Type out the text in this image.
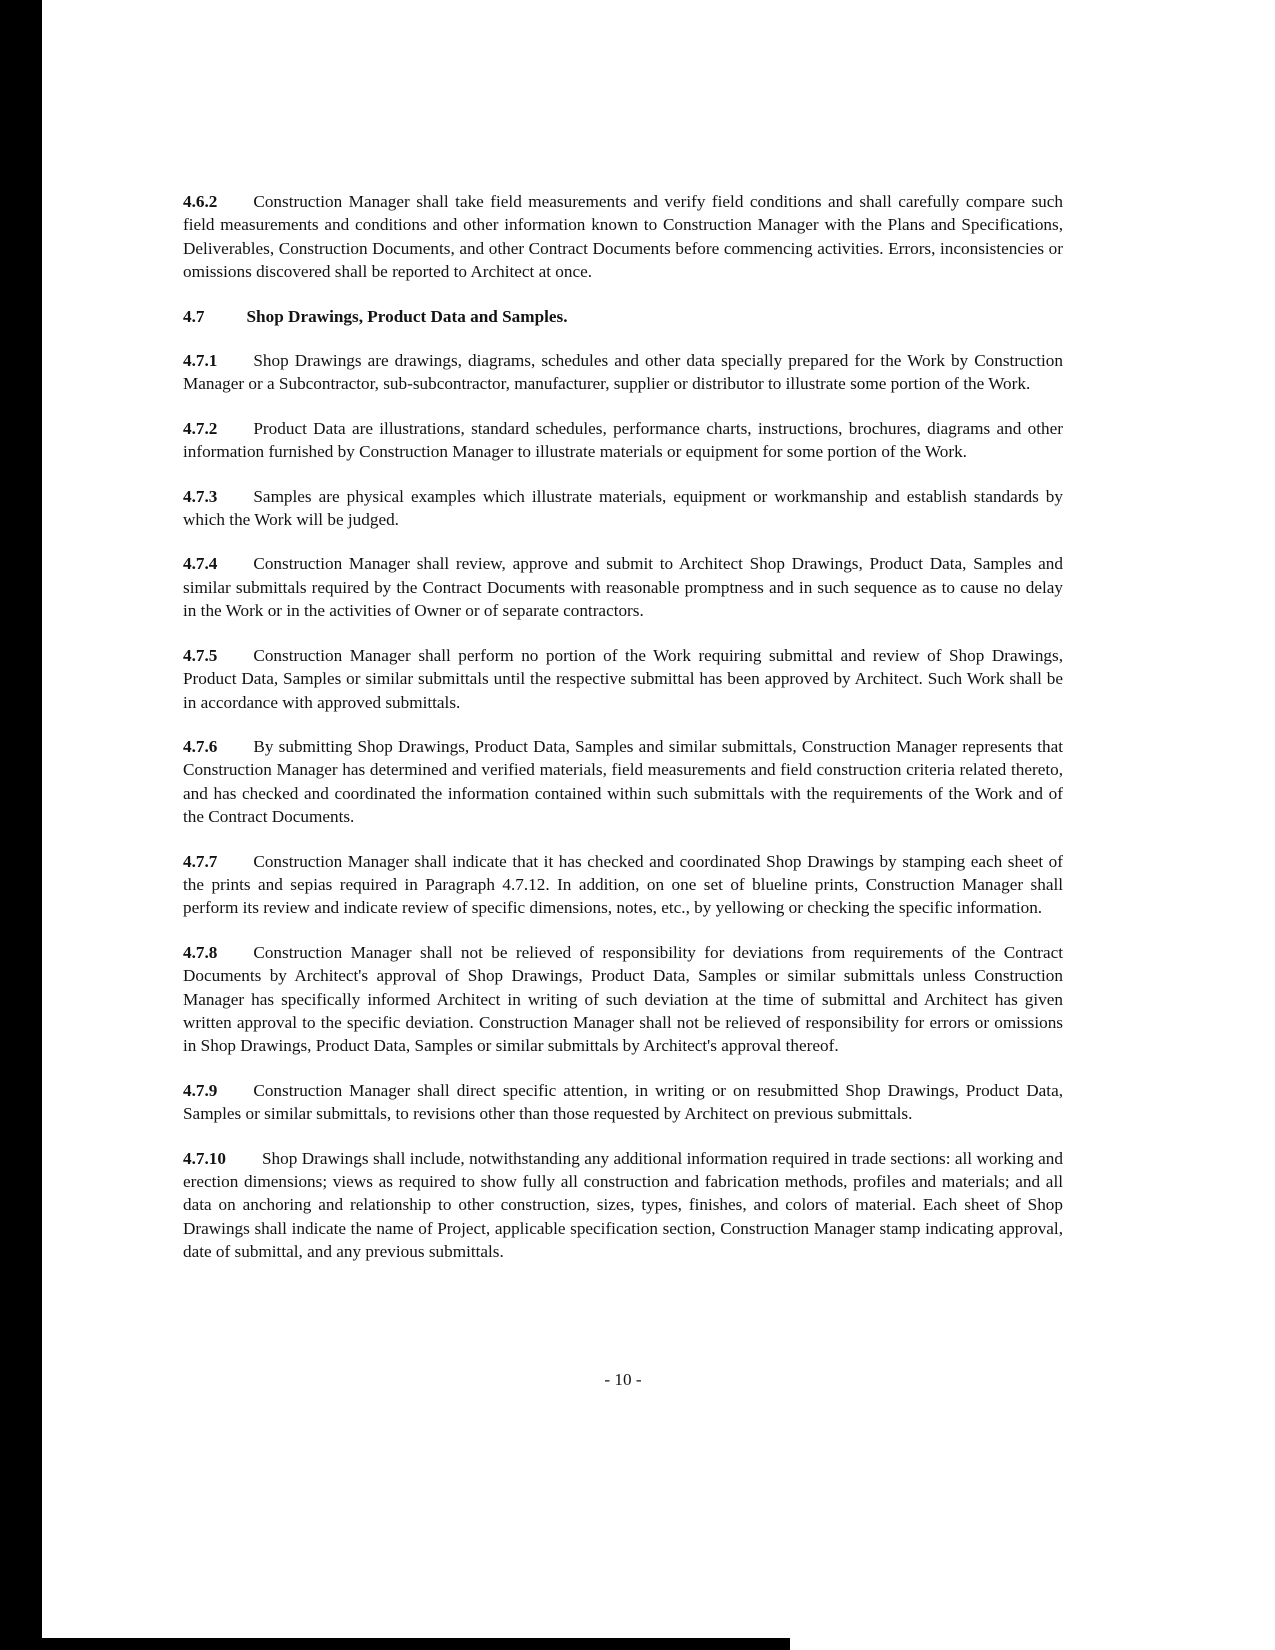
4.6.2 Construction Manager shall take field measurements and verify field conditions and shall carefully compare such field measurements and conditions and other information known to Construction Manager with the Plans and Specifications, Deliverables, Construction Documents, and other Contract Documents before commencing activities. Errors, inconsistencies or omissions discovered shall be reported to Architect at once.

4.7 Shop Drawings, Product Data and Samples.

4.7.1 Shop Drawings are drawings, diagrams, schedules and other data specially prepared for the Work by Construction Manager or a Subcontractor, sub-subcontractor, manufacturer, supplier or distributor to illustrate some portion of the Work.

4.7.2 Product Data are illustrations, standard schedules, performance charts, instructions, brochures, diagrams and other information furnished by Construction Manager to illustrate materials or equipment for some portion of the Work.

4.7.3 Samples are physical examples which illustrate materials, equipment or workmanship and establish standards by which the Work will be judged.

4.7.4 Construction Manager shall review, approve and submit to Architect Shop Drawings, Product Data, Samples and similar submittals required by the Contract Documents with reasonable promptness and in such sequence as to cause no delay in the Work or in the activities of Owner or of separate contractors.

4.7.5 Construction Manager shall perform no portion of the Work requiring submittal and review of Shop Drawings, Product Data, Samples or similar submittals until the respective submittal has been approved by Architect. Such Work shall be in accordance with approved submittals.

4.7.6 By submitting Shop Drawings, Product Data, Samples and similar submittals, Construction Manager represents that Construction Manager has determined and verified materials, field measurements and field construction criteria related thereto, and has checked and coordinated the information contained within such submittals with the requirements of the Work and of the Contract Documents.

4.7.7 Construction Manager shall indicate that it has checked and coordinated Shop Drawings by stamping each sheet of the prints and sepias required in Paragraph 4.7.12. In addition, on one set of blueline prints, Construction Manager shall perform its review and indicate review of specific dimensions, notes, etc., by yellowing or checking the specific information.

4.7.8 Construction Manager shall not be relieved of responsibility for deviations from requirements of the Contract Documents by Architect's approval of Shop Drawings, Product Data, Samples or similar submittals unless Construction Manager has specifically informed Architect in writing of such deviation at the time of submittal and Architect has given written approval to the specific deviation. Construction Manager shall not be relieved of responsibility for errors or omissions in Shop Drawings, Product Data, Samples or similar submittals by Architect's approval thereof.

4.7.9 Construction Manager shall direct specific attention, in writing or on resubmitted Shop Drawings, Product Data, Samples or similar submittals, to revisions other than those requested by Architect on previous submittals.

4.7.10 Shop Drawings shall include, notwithstanding any additional information required in trade sections: all working and erection dimensions; views as required to show fully all construction and fabrication methods, profiles and materials; and all data on anchoring and relationship to other construction, sizes, types, finishes, and colors of material. Each sheet of Shop Drawings shall indicate the name of Project, applicable specification section, Construction Manager stamp indicating approval, date of submittal, and any previous submittals.

- 10 -
